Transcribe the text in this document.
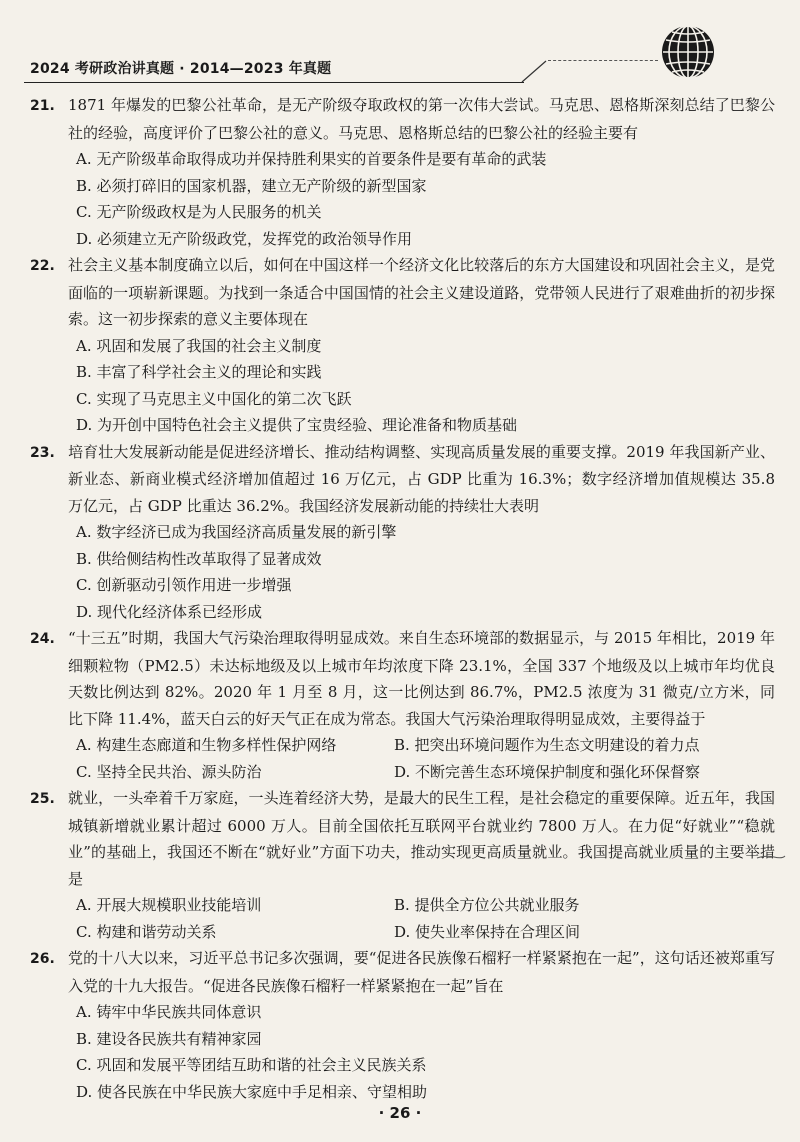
2024 考研政治讲真题 · 2014—2023 年真题

21. 1871 年爆发的巴黎公社革命，是无产阶级夺取政权的第一次伟大尝试。马克思、恩格斯深刻总结了巴黎公社的经验，高度评价了巴黎公社的意义。马克思、恩格斯总结的巴黎公社的经验主要有

A. 无产阶级革命取得成功并保持胜利果实的首要条件是要有革命的武装

B. 必须打碎旧的国家机器，建立无产阶级的新型国家

C. 无产阶级政权是为人民服务的机关

D. 必须建立无产阶级政党，发挥党的政治领导作用

22. 社会主义基本制度确立以后，如何在中国这样一个经济文化比较落后的东方大国建设和巩固社会主义，是党面临的一项崭新课题。为找到一条适合中国国情的社会主义建设道路，党带领人民进行了艰难曲折的初步探索。这一初步探索的意义主要体现在

A. 巩固和发展了我国的社会主义制度

B. 丰富了科学社会主义的理论和实践

C. 实现了马克思主义中国化的第二次飞跃

D. 为开创中国特色社会主义提供了宝贵经验、理论准备和物质基础

23. 培育壮大发展新动能是促进经济增长、推动结构调整、实现高质量发展的重要支撑。2019 年我国新产业、新业态、新商业模式经济增加值超过 16 万亿元，占 GDP 比重为 16.3%；数字经济增加值规模达 35.8 万亿元，占 GDP 比重达 36.2%。我国经济发展新动能的持续壮大表明

A. 数字经济已成为我国经济高质量发展的新引擎

B. 供给侧结构性改革取得了显著成效

C. 创新驱动引领作用进一步增强

D. 现代化经济体系已经形成

24. “十三五”时期，我国大气污染治理取得明显成效。来自生态环境部的数据显示，与 2015 年相比，2019 年细颗粒物（PM2.5）未达标地级及以上城市年均浓度下降 23.1%，全国 337 个地级及以上城市年均优良天数比例达到 82%。2020 年 1 月至 8 月，这一比例达到 86.7%，PM2.5 浓度为 31 微克/立方米，同比下降 11.4%，蓝天白云的好天气正在成为常态。我国大气污染治理取得明显成效，主要得益于

A. 构建生态廊道和生物多样性保护网络	B. 把突出环境问题作为生态文明建设的着力点
C. 坚持全民共治、源头防治	D. 不断完善生态环境保护制度和强化环保督察

25. 就业，一头牵着千万家庭，一头连着经济大势，是最大的民生工程，是社会稳定的重要保障。近五年，我国城镇新增就业累计超过 6000 万人。目前全国依托互联网平台就业约 7800 万人。在力促“好就业”“稳就业”的基础上，我国还不断在“就好业”方面下功夫，推动实现更高质量就业。我国提高就业质量的主要举措是

A. 开展大规模职业技能培训	B. 提供全方位公共就业服务
C. 构建和谐劳动关系	D. 使失业率保持在合理区间

26. 党的十八大以来，习近平总书记多次强调，要“促进各民族像石榴籽一样紧紧抱在一起”，这句话还被郑重写入党的十九大报告。“促进各民族像石榴籽一样紧紧抱在一起”旨在

A. 铸牢中华民族共同体意识

B. 建设各民族共有精神家园

C. 巩固和发展平等团结互助和谐的社会主义民族关系

D. 使各民族在中华民族大家庭中手足相亲、守望相助

· 26 ·
